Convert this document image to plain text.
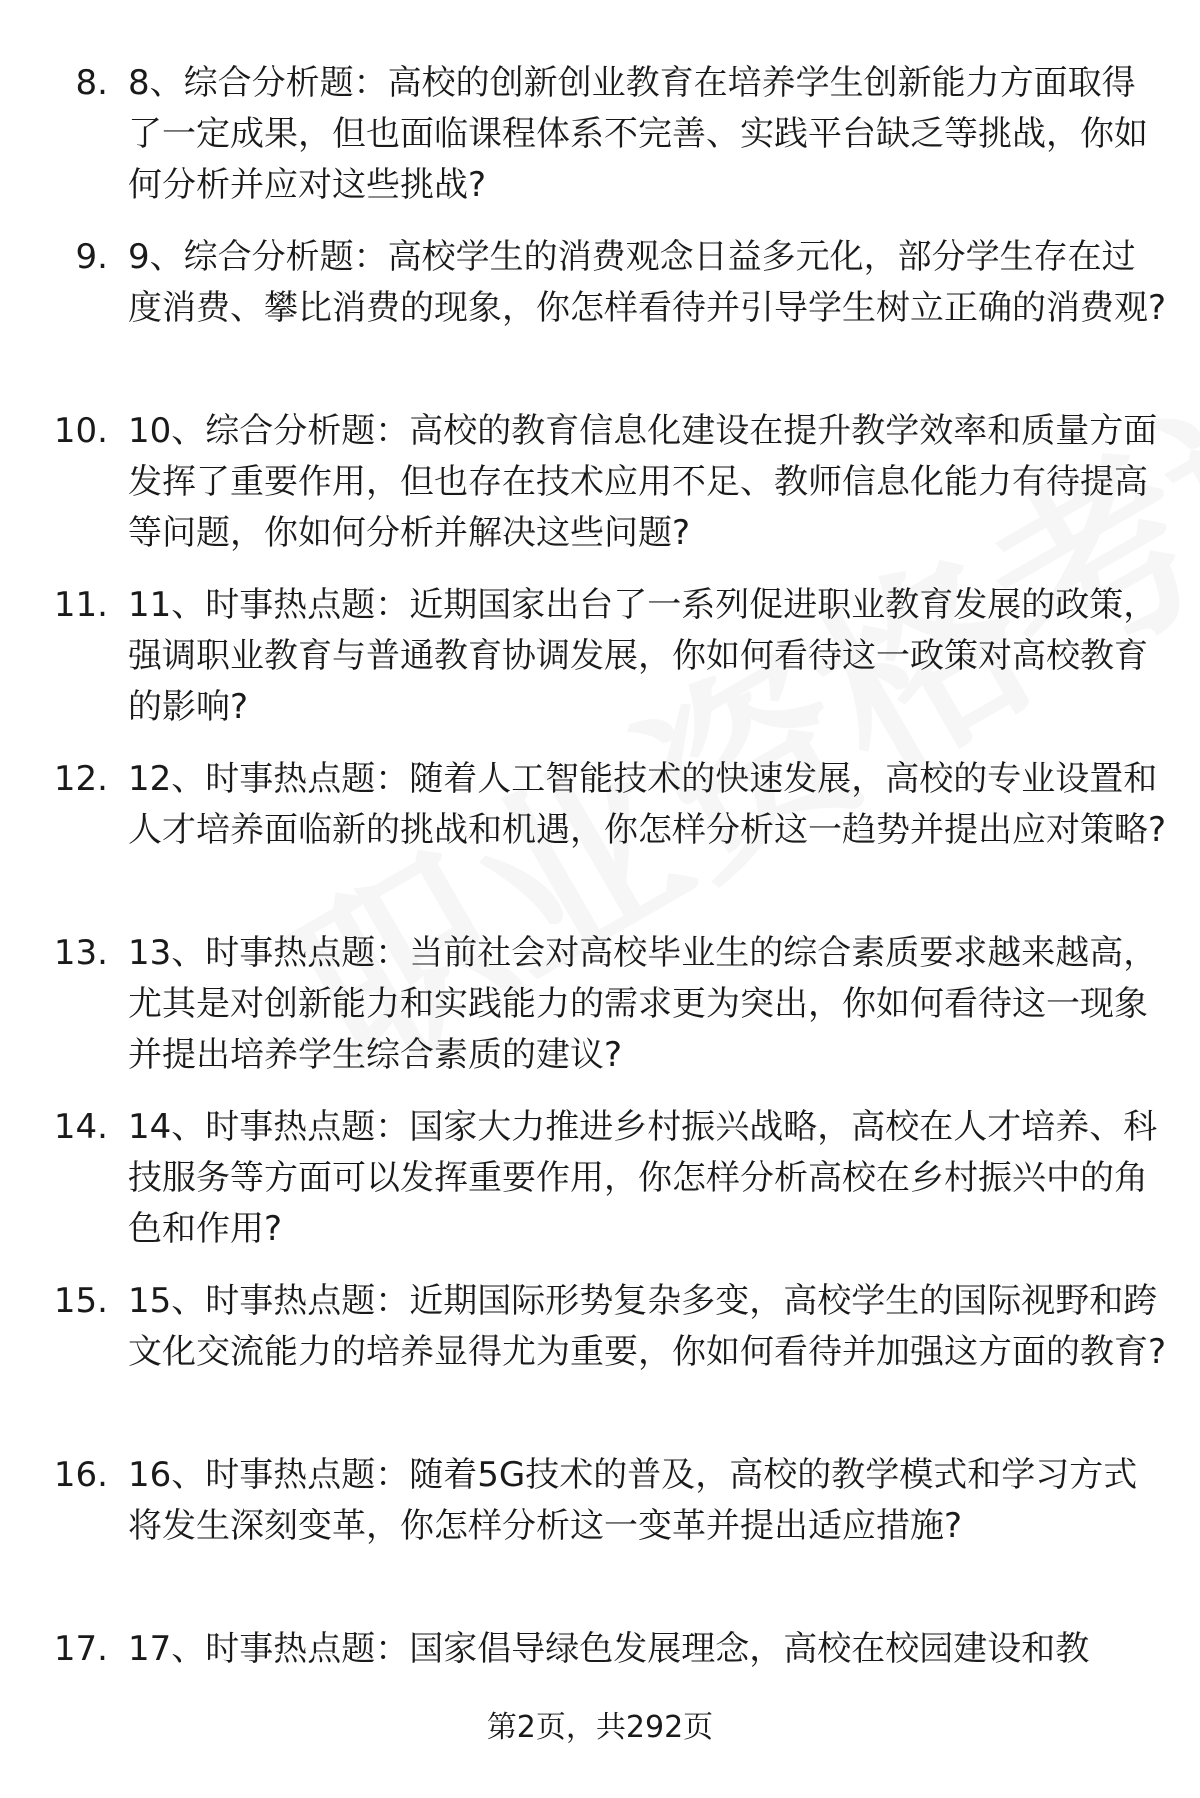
8. 8、综合分析题：高校的创新创业教育在培养学生创新能力方面取得了一定成果，但也面临课程体系不完善、实践平台缺乏等挑战，你如何分析并应对这些挑战?
9. 9、综合分析题：高校学生的消费观念日益多元化，部分学生存在过度消费、攀比消费的现象，你怎样看待并引导学生树立正确的消费观?
10. 10、综合分析题：高校的教育信息化建设在提升教学效率和质量方面发挥了重要作用，但也存在技术应用不足、教师信息化能力有待提高等问题，你如何分析并解决这些问题?
11. 11、时事热点题：近期国家出台了一系列促进职业教育发展的政策，强调职业教育与普通教育协调发展，你如何看待这一政策对高校教育的影响?
12. 12、时事热点题：随着人工智能技术的快速发展，高校的专业设置和人才培养面临新的挑战和机遇，你怎样分析这一趋势并提出应对策略?
13. 13、时事热点题：当前社会对高校毕业生的综合素质要求越来越高，尤其是对创新能力和实践能力的需求更为突出，你如何看待这一现象并提出培养学生综合素质的建议?
14. 14、时事热点题：国家大力推进乡村振兴战略，高校在人才培养、科技服务等方面可以发挥重要作用，你怎样分析高校在乡村振兴中的角色和作用?
15. 15、时事热点题：近期国际形势复杂多变，高校学生的国际视野和跨文化交流能力的培养显得尤为重要，你如何看待并加强这方面的教育?
16. 16、时事热点题：随着5G技术的普及，高校的教学模式和学习方式将发生深刻变革，你怎样分析这一变革并提出适应措施?
17. 17、时事热点题：国家倡导绿色发展理念，高校在校园建设和教
第2页，共292页
